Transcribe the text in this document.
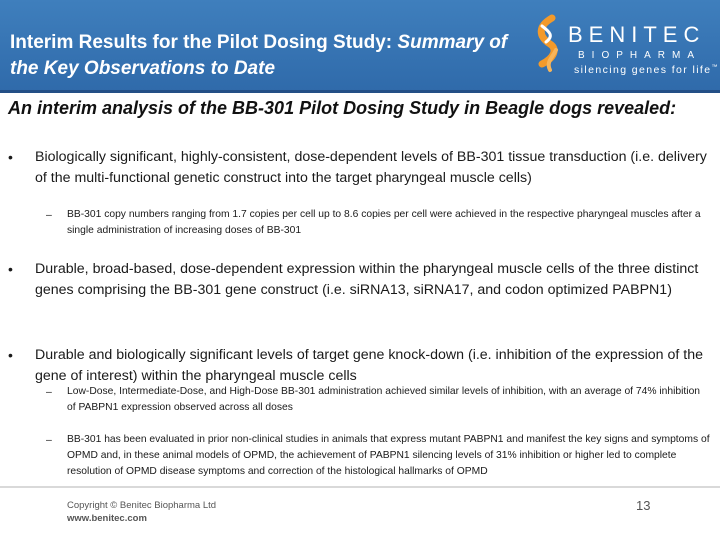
Interim Results for the Pilot Dosing Study: Summary of the Key Observations to Date
BENITEC
BIOPHARMA
silencing genes for life™
An interim analysis of the BB-301 Pilot Dosing Study in Beagle dogs revealed:
• Biologically significant, highly-consistent, dose-dependent levels of BB-301 tissue transduction (i.e. delivery of the multi-functional genetic construct into the target pharyngeal muscle cells)
– BB-301 copy numbers ranging from 1.7 copies per cell up to 8.6 copies per cell were achieved in the respective pharyngeal muscles after a single administration of increasing doses of BB-301
• Durable, broad-based, dose-dependent expression within the pharyngeal muscle cells of the three distinct genes comprising the BB-301 gene construct (i.e. siRNA13, siRNA17, and codon optimized PABPN1)
• Durable and biologically significant levels of target gene knock-down (i.e. inhibition of the expression of the gene of interest) within the pharyngeal muscle cells
– Low-Dose, Intermediate-Dose, and High-Dose BB-301 administration achieved similar levels of inhibition, with an average of 74% inhibition of PABPN1 expression observed across all doses
– BB-301 has been evaluated in prior non-clinical studies in animals that express mutant PABPN1 and manifest the key signs and symptoms of OPMD and, in these animal models of OPMD, the achievement of PABPN1 silencing levels of 31% inhibition or higher led to complete resolution of OPMD disease symptoms and correction of the histological hallmarks of OPMD
Copyright © Benitec Biopharma Ltd
www.benitec.com
13
